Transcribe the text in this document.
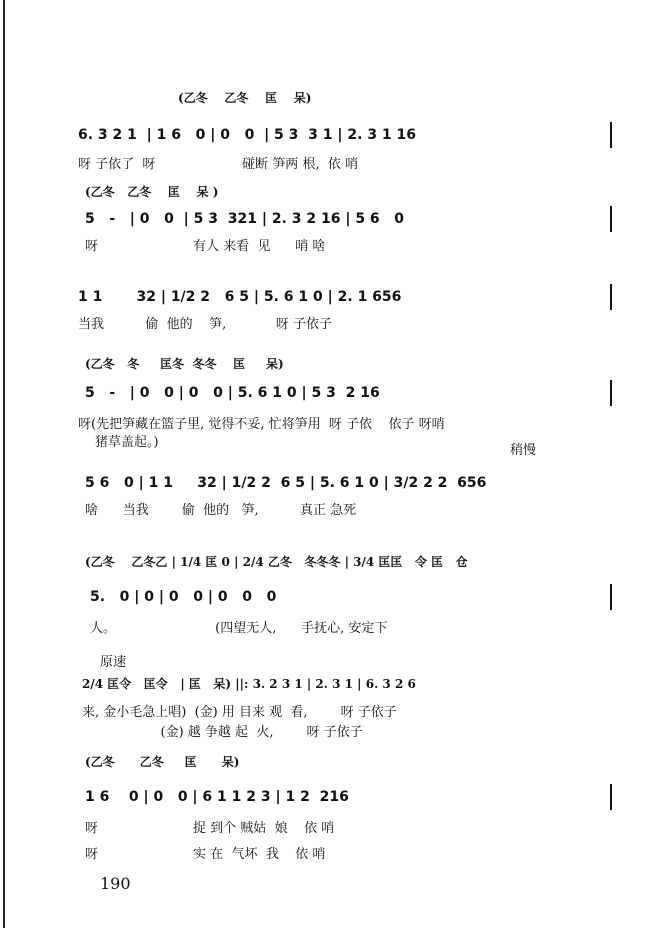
(乙冬    乙冬    匡    呆)
6. 3 2 1  | 1 6   0 | 0   0  | 5 3  3 1 | 2. 3 1 16
呀 子依了  呀                     碰断 笋两 根,  依 哨
(乙冬   乙冬    匡    呆 )
5   -   | 0   0  | 5 3  321 | 2. 3 2 16 | 5 6   0
呀                       有人 来看  见      哨 啥
1 1       32 | 1/2 2   6 5 | 5. 6 1 0 | 2. 1 656
当我          偷  他的    笋,            呀 子依子
(乙冬   冬     匡冬  冬冬    匡     呆)
5   -   | 0   0 | 0   0 | 5. 6 1 0 | 5 3  2 16
呀(先把笋藏在篮子里, 觉得不妥, 忙将笋用  呀 子依    依子 呀哨
猪草盖起。)
稍慢
5 6   0 | 1 1     32 | 1/2 2  6 5 | 5. 6 1 0 | 3/2 2 2  656
啥      当我        偷  他的   笋,          真正 急死
(乙冬    乙冬乙 | 1/4 匡 0 | 2/4 乙冬   冬冬冬 | 3/4 匡匡   令 匡   仓
5.   0 | 0 | 0   0 | 0   0   0
人。                        (四望无人,      手抚心, 安定下
原速
2/4 匡令   匡令   | 匡   呆) ||: 3. 2 3 1 | 2. 3 1 | 6. 3 2 6
来, 金小毛急上唱)  (金) 用 目来 观  看,        呀 子依子
(金) 越 争越 起  火,        呀 子依子
(乙冬      乙冬     匡      呆)
1 6    0 | 0   0 | 6 1 1 2 3 | 1 2  216
呀                       捉 到个 贼姑  娘    依 哨
呀                       实 在  气坏  我    依 哨
190
